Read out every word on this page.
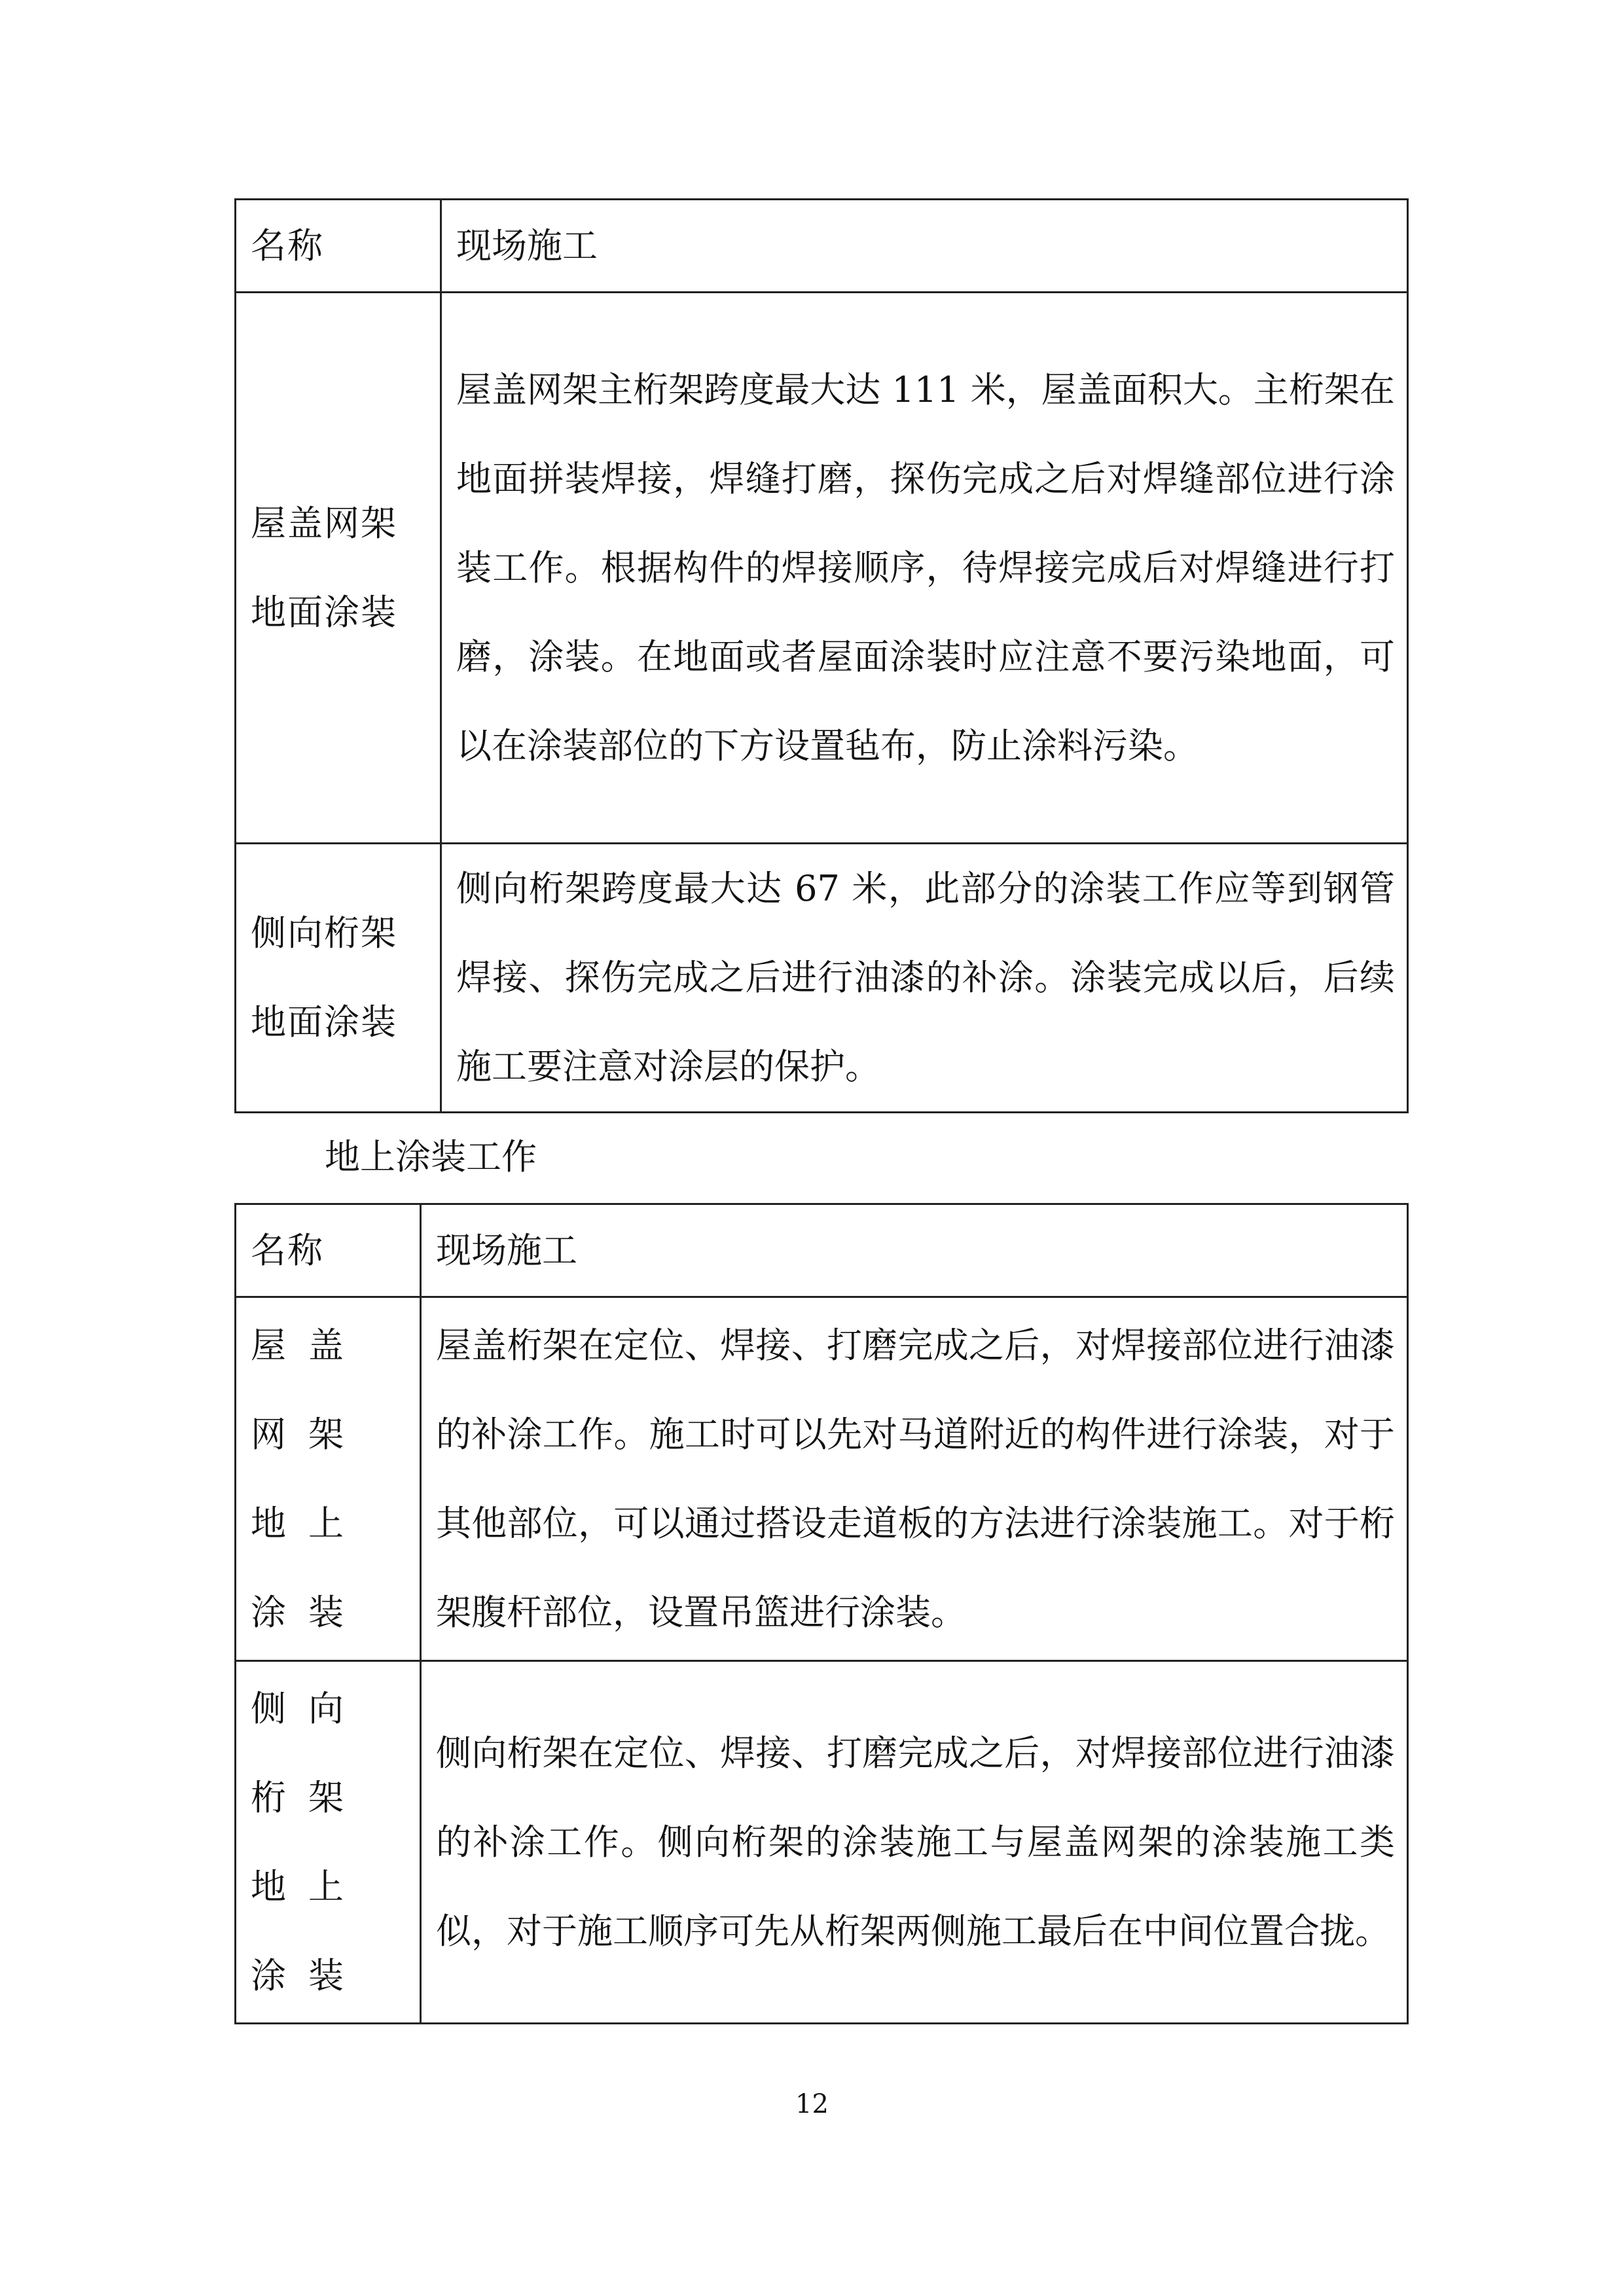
名称	现场施工
屋盖网架地面涂装	屋盖网架主桁架跨度最大达 111 米，屋盖面积大。主桁架在地面拼装焊接，焊缝打磨，探伤完成之后对焊缝部位进行涂装工作。根据构件的焊接顺序，待焊接完成后对焊缝进行打磨，涂装。在地面或者屋面涂装时应注意不要污染地面，可以在涂装部位的下方设置毡布，防止涂料污染。
侧向桁架地面涂装	侧向桁架跨度最大达 67 米，此部分的涂装工作应等到钢管焊接、探伤完成之后进行油漆的补涂。涂装完成以后，后续施工要注意对涂层的保护。
地上涂装工作
名称	现场施工
屋盖网架地上涂装	屋盖桁架在定位、焊接、打磨完成之后，对焊接部位进行油漆的补涂工作。施工时可以先对马道附近的构件进行涂装，对于其他部位，可以通过搭设走道板的方法进行涂装施工。对于桁架腹杆部位，设置吊篮进行涂装。
侧向桁架地上涂装	侧向桁架在定位、焊接、打磨完成之后，对焊接部位进行油漆的补涂工作。侧向桁架的涂装施工与屋盖网架的涂装施工类似，对于施工顺序可先从桁架两侧施工最后在中间位置合拢。
12
